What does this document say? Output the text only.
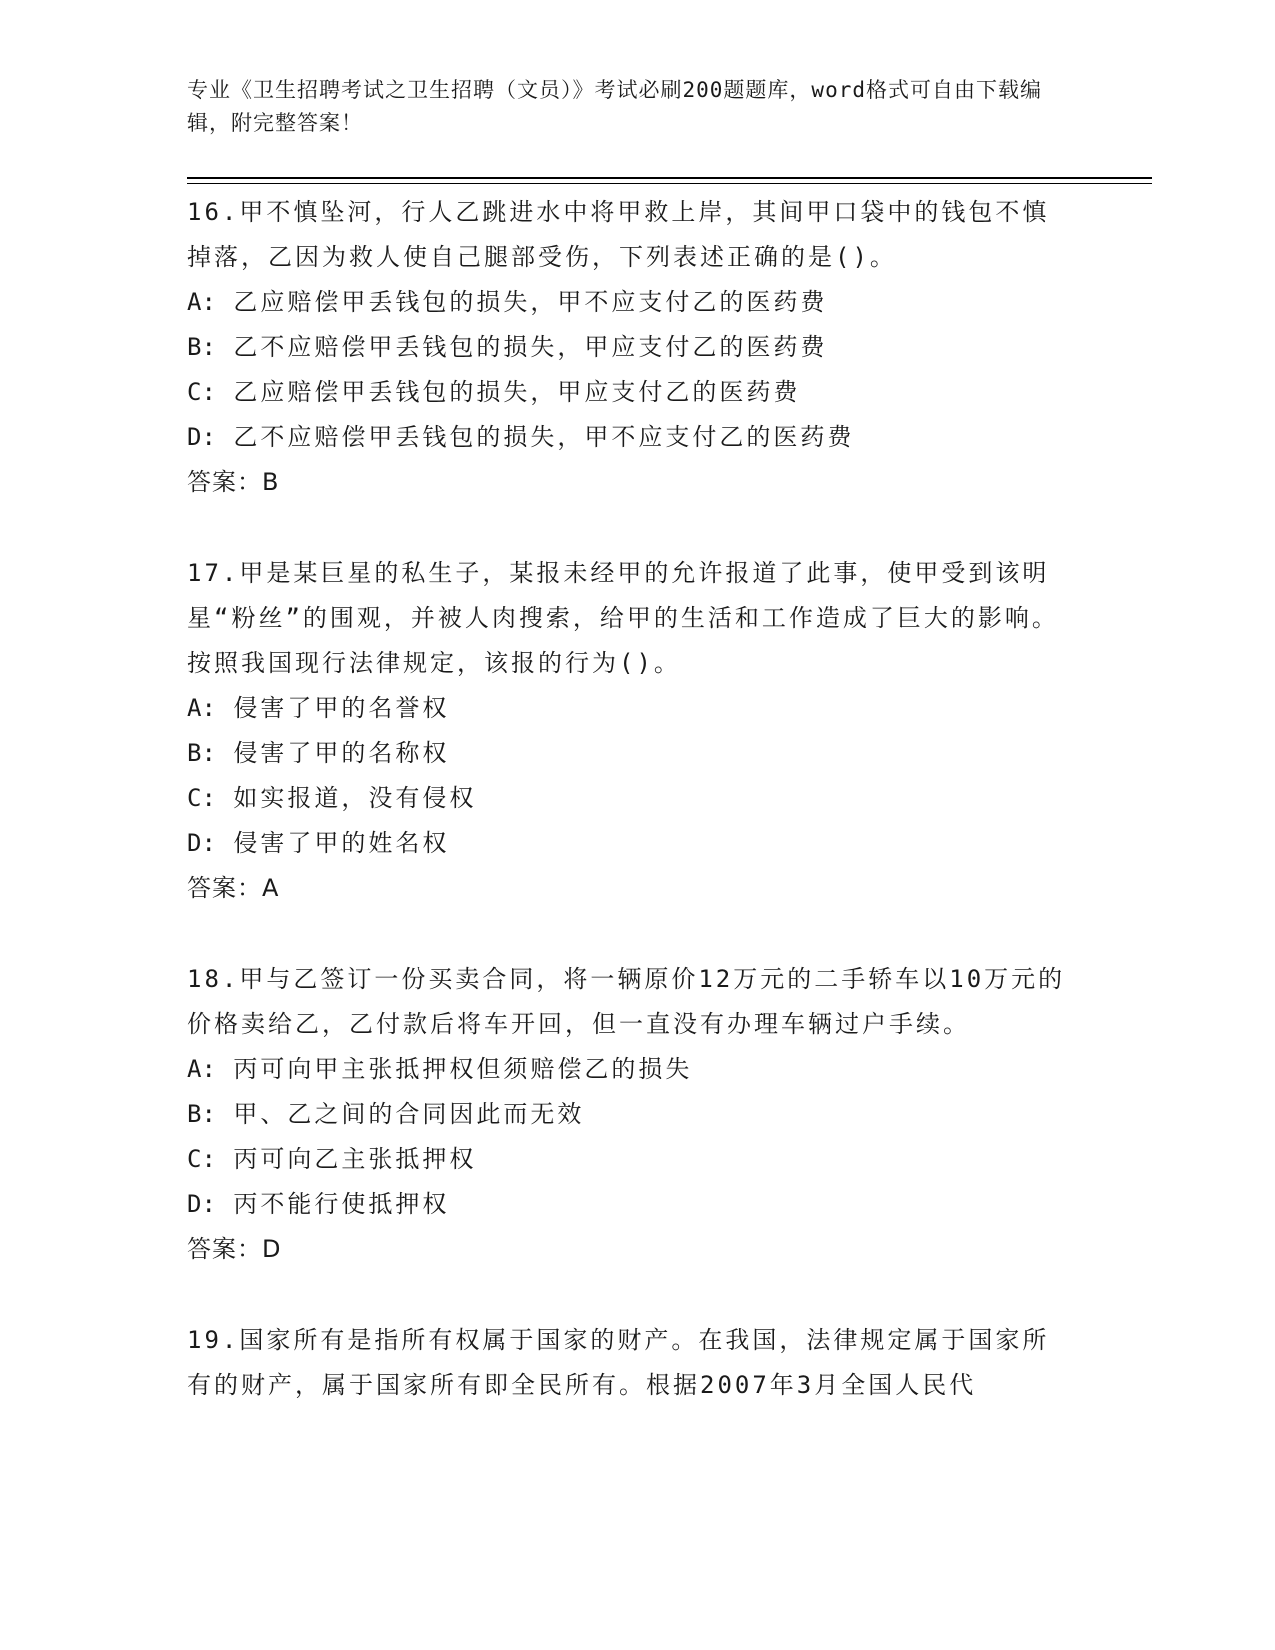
专业《卫生招聘考试之卫生招聘（文员）》考试必刷200题题库，word格式可自由下载编辑，附完整答案！
16.甲不慎坠河，行人乙跳进水中将甲救上岸，其间甲口袋中的钱包不慎掉落，乙因为救人使自己腿部受伤，下列表述正确的是()。
A: 乙应赔偿甲丢钱包的损失，甲不应支付乙的医药费
B: 乙不应赔偿甲丢钱包的损失，甲应支付乙的医药费
C: 乙应赔偿甲丢钱包的损失，甲应支付乙的医药费
D: 乙不应赔偿甲丢钱包的损失，甲不应支付乙的医药费
答案：B
17.甲是某巨星的私生子，某报未经甲的允许报道了此事，使甲受到该明星“粉丝”的围观，并被人肉搜索，给甲的生活和工作造成了巨大的影响。按照我国现行法律规定，该报的行为()。
A: 侵害了甲的名誉权
B: 侵害了甲的名称权
C: 如实报道，没有侵权
D: 侵害了甲的姓名权
答案：A
18.甲与乙签订一份买卖合同，将一辆原价12万元的二手轿车以10万元的价格卖给乙，乙付款后将车开回，但一直没有办理车辆过户手续。
A: 丙可向甲主张抵押权但须赔偿乙的损失
B: 甲、乙之间的合同因此而无效
C: 丙可向乙主张抵押权
D: 丙不能行使抵押权
答案：D
19.国家所有是指所有权属于国家的财产。在我国，法律规定属于国家所有的财产，属于国家所有即全民所有。根据2007年3月全国人民代
